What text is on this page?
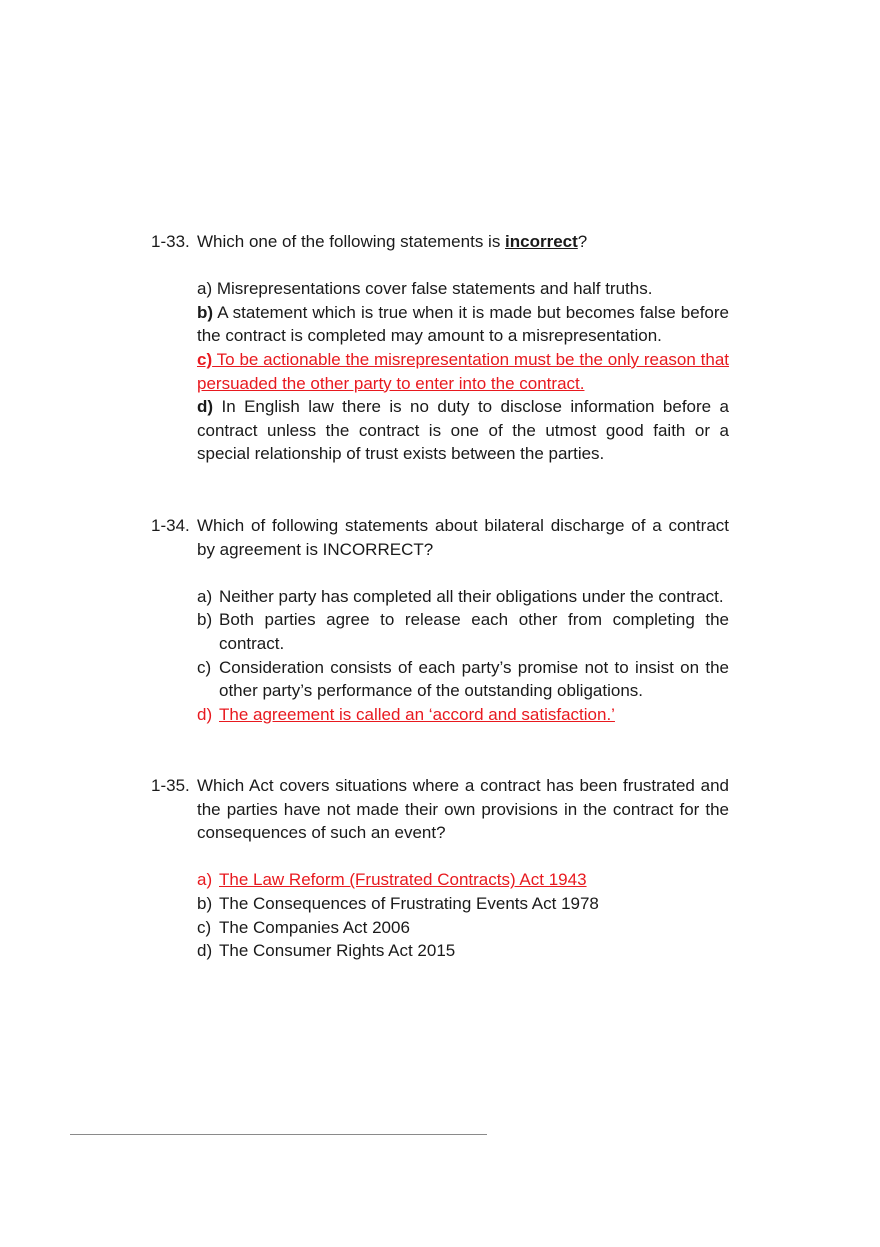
1-33. Which one of the following statements is incorrect?
a) Misrepresentations cover false statements and half truths.
b) A statement which is true when it is made but becomes false before the contract is completed may amount to a misrepresentation.
c) To be actionable the misrepresentation must be the only reason that persuaded the other party to enter into the contract.
d) In English law there is no duty to disclose information before a contract unless the contract is one of the utmost good faith or a special relationship of trust exists between the parties.
1-34. Which of following statements about bilateral discharge of a contract by agreement is INCORRECT?
a) Neither party has completed all their obligations under the contract.
b) Both parties agree to release each other from completing the contract.
c) Consideration consists of each party’s promise not to insist on the other party’s performance of the outstanding obligations.
d) The agreement is called an ‘accord and satisfaction.’
1-35. Which Act covers situations where a contract has been frustrated and the parties have not made their own provisions in the contract for the consequences of such an event?
a) The Law Reform (Frustrated Contracts) Act 1943
b) The Consequences of Frustrating Events Act 1978
c) The Companies Act 2006
d) The Consumer Rights Act 2015
